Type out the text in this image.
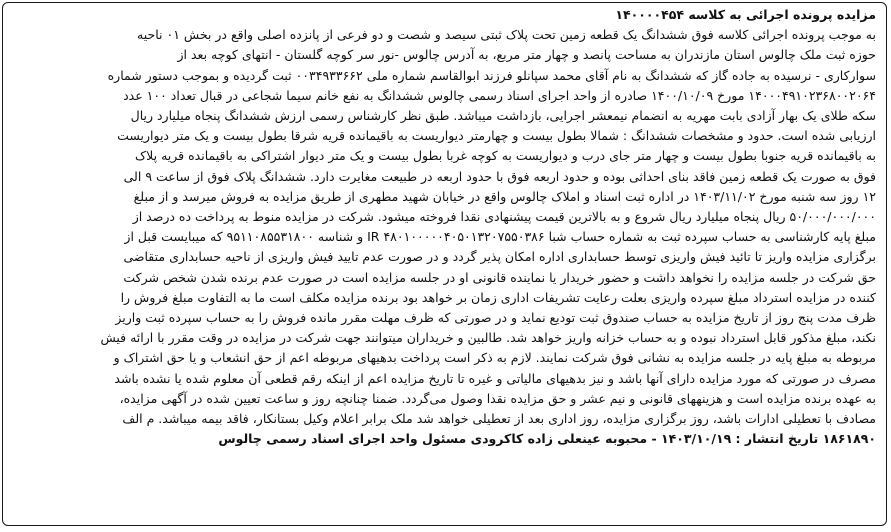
مزایده پرونده اجرائی به کلاسه ۱۴۰۰۰۰۴۵۴

به موجب پرونده اجرائی کلاسه فوق ششدانگ یک قطعه زمین تحت پلاک ثبتی سیصد و شصت و دو فرعی از پانزده اصلی واقع در بخش ۰۱ ناحیه

حوزه ثبت ملک چالوس استان مازندران به مساحت پانصد و چهار متر مربع، به آدرس چالوس -نور سر کوچه گلستان - انتهای کوچه بعد از

سوارکاری - نرسیده به جاده گاز که ششدانگ به نام آقای محمد سپانلو فرزند ابوالقاسم شماره ملی ۰۰۳۴۹۳۳۶۶۲ ثبت گردیده و بموجب دستور شماره

۱۴۰۰۰۴۹۱۰۲۳۶۸۰۰۲۰۶۴ مورخ ۱۴۰۰/۱۰/۰۹ صادره از واحد اجرای اسناد رسمی چالوس ششدانگ به نفع خانم سیما شجاعی در قبال تعداد ۱۰۰ عدد

سکه طلای یک بهار آزادی بابت مهریه به انضمام نیمعشر اجرایی، بازداشت میباشد. طبق نظر کارشناس رسمی ارزش ششدانگ پنجاه میلیارد ریال

ارزیابی شده است. حدود و مشخصات ششدانگ : شمالا بطول بیست و چهارمتر دیواریست به باقیمانده قریه شرقا بطول بیست و یک متر دیواریست

به باقیمانده قریه جنوبا بطول بیست و چهار متر جای درب و دیواریست به کوچه غربا بطول بیست و یک متر دیوار اشتراکی به باقیمانده قریه پلاک

فوق به صورت یک قطعه زمین فاقد بنای احداثی بوده و حدود اربعه فوق با حدود اربعه در طبیعت مغایرت دارد. ششدانگ پلاک فوق از ساعت ۹ الی

۱۲ روز سه شنبه مورخ ۱۴۰۳/۱۱/۰۲ در اداره ثبت اسناد و املاک چالوس واقع در خیابان شهید مطهری از طریق مزایده به فروش میرسد و از مبلغ

۵۰/۰۰۰/۰۰۰/۰۰۰ ریال پنجاه میلیارد ریال شروع و به بالاترین قیمت پیشنهادی نقدا فروخته میشود. شرکت در مزایده منوط به پرداخت ده درصد از

مبلغ پایه کارشناسی به حساب سپرده ثبت به شماره حساب شبا IR ۴۸۰۱۰۰۰۰۰۴۰۵۰۱۳۲۰۷۵۵۰۳۸۶ و شناسه ۹۵۱۱۰۸۵۵۳۱۸۰۰ که میبایست قبل از

برگزاری مزایده واریز تا تائید فیش واریزی توسط حسابداری اداره امکان پذیر گردد و در صورت عدم تایید فیش واریزی از ناحیه حسابداری متقاضی

حق شرکت در جلسه مزایده را نخواهد داشت و حضور خریدار یا نماینده قانونی او در جلسه مزایده است در صورت عدم برنده شدن شخص شرکت

کننده در مزایده استرداد مبلغ سپرده واریزی بعلت رعایت تشریفات اداری زمان بر خواهد بود برنده مزایده مکلف است ما به التفاوت مبلغ فروش را

ظرف مدت پنج روز از تاریخ مزایده به حساب صندوق ثبت تودیع نماید و در صورتی که ظرف مهلت مقرر مانده فروش را به حساب سپرده ثبت واریز

نکند، مبلغ مذکور قابل استرداد نبوده و به حساب خزانه واریز خواهد شد. طالبین و خریداران میتوانند جهت شرکت در مزایده در وقت مقرر با ارائه فیش

مربوطه به مبلغ پایه در جلسه مزایده به نشانی فوق شرکت نمایند. لازم به ذکر است پرداخت بدهیهای مربوطه اعم از حق انشعاب و یا حق اشتراک و

مصرف در صورتی که مورد مزایده دارای آنها باشد و نیز بدهیهای مالیاتی و غیره تا تاریخ مزایده اعم از اینکه رقم قطعی آن معلوم شده یا نشده باشد

به عهده برنده مزایده است و هزینههای قانونی و نیم عشر و حق مزایده نقدا وصول می‌گردد. ضمنا چنانچه روز و ساعت تعیین شده در آگهی مزایده،

مصادف با تعطیلی ادارات باشد، روز برگزاری مزایده، روز اداری بعد از تعطیلی خواهد شد ملک برابر اعلام وکیل بستانکار، فاقد بیمه میباشد. م الف

۱۸۶۱۸۹۰ تاریخ انتشار : ۱۴۰۳/۱۰/۱۹ - محبوبه عینعلی زاده کاکرودی مسئول واحد اجرای اسناد رسمی چالوس
